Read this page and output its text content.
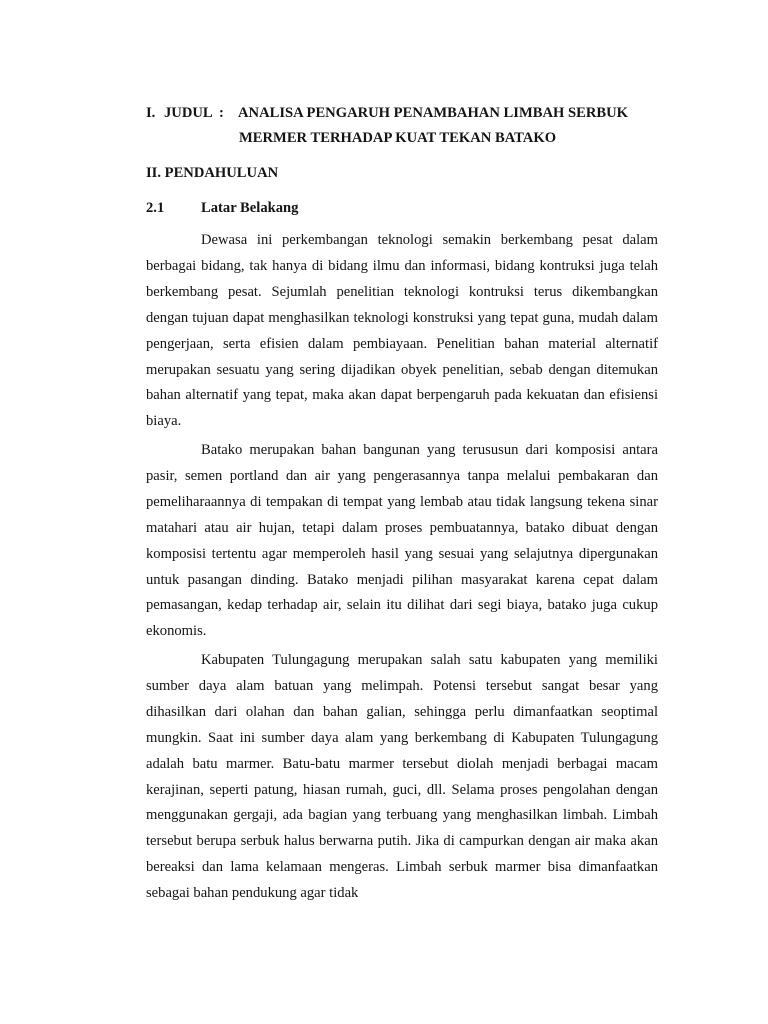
I. JUDUL : ANALISA PENGARUH PENAMBAHAN LIMBAH SERBUK
MERMER TERHADAP KUAT TEKAN BATAKO
II. PENDAHULUAN
2.1	Latar Belakang

Dewasa ini perkembangan teknologi semakin berkembang pesat dalam berbagai bidang, tak hanya di bidang ilmu dan informasi, bidang kontruksi juga telah berkembang pesat. Sejumlah penelitian teknologi kontruksi terus dikembangkan dengan tujuan dapat menghasilkan teknologi konstruksi yang tepat guna, mudah dalam pengerjaan, serta efisien dalam pembiayaan. Penelitian bahan material alternatif merupakan sesuatu yang sering dijadikan obyek penelitian, sebab dengan ditemukan bahan alternatif yang tepat, maka akan dapat berpengaruh pada kekuatan dan efisiensi biaya.

Batako merupakan bahan bangunan yang terususun dari komposisi antara pasir, semen portland dan air yang pengerasannya tanpa melalui pembakaran dan pemeliharaannya di tempakan di tempat yang lembab atau tidak langsung tekena sinar matahari atau air hujan, tetapi dalam proses pembuatannya, batako dibuat dengan komposisi tertentu agar memperoleh hasil yang sesuai yang selajutnya dipergunakan untuk pasangan dinding. Batako menjadi pilihan masyarakat karena cepat dalam pemasangan, kedap terhadap air, selain itu dilihat dari segi biaya, batako juga cukup ekonomis.

Kabupaten Tulungagung merupakan salah satu kabupaten yang memiliki sumber daya alam batuan yang melimpah. Potensi tersebut sangat besar yang dihasilkan dari olahan dan bahan galian, sehingga perlu dimanfaatkan seoptimal mungkin. Saat ini sumber daya alam yang berkembang di Kabupaten Tulungagung adalah batu marmer. Batu-batu marmer tersebut diolah menjadi berbagai macam kerajinan, seperti patung, hiasan rumah, guci, dll. Selama proses pengolahan dengan menggunakan gergaji, ada bagian yang terbuang yang menghasilkan limbah. Limbah tersebut berupa serbuk halus berwarna putih. Jika di campurkan dengan air maka akan bereaksi dan lama kelamaan mengeras. Limbah serbuk marmer bisa dimanfaatkan sebagai bahan pendukung agar tidak
